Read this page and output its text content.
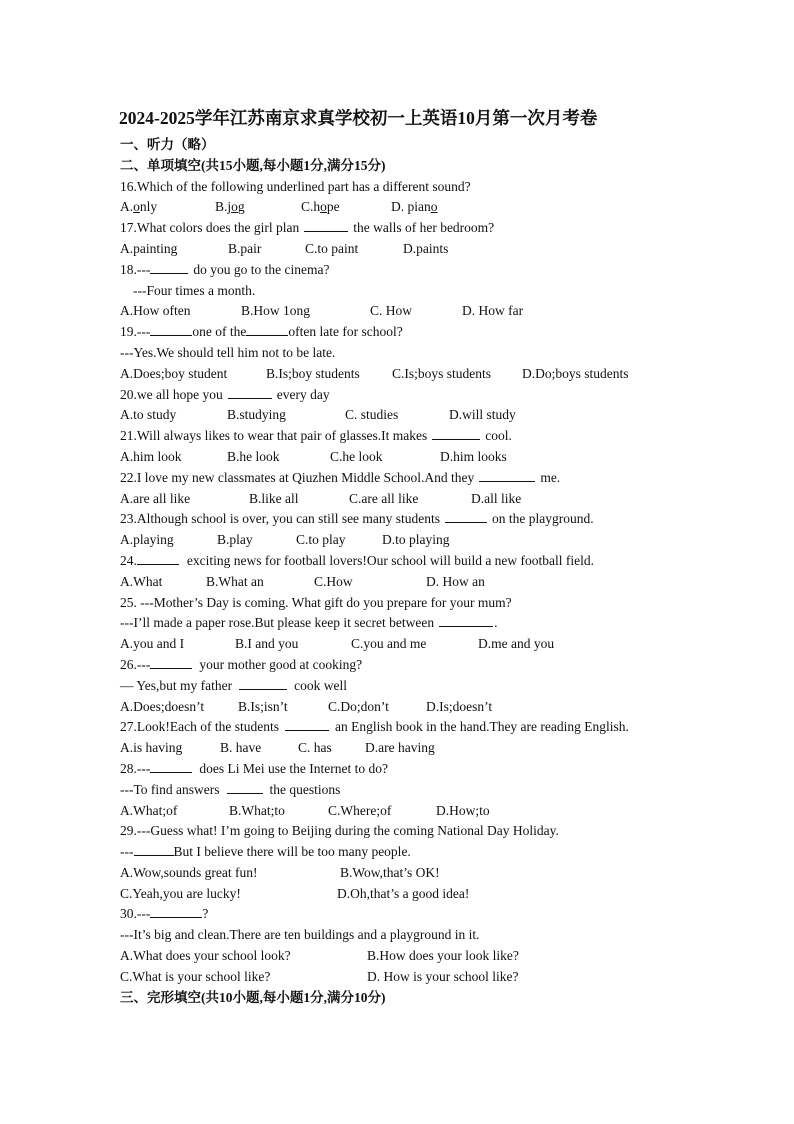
2024-2025学年江苏南京求真学校初一上英语10月第一次月考卷
一、听力（略）
二、单项填空(共15小题,每小题1分,满分15分)
16.Which of the following underlined part has a different sound?
A.only	B.jog	C.hope	D. piano
17.What colors does the girl plan	the walls of her bedroom?
A.painting	B.pair	C.to paint	D.paints
18.---	do you go to the cinema?
---Four times a month.
A.How often	B.How 1ong	C. How	D. How far
19.---	one of the	often late for school?
---Yes.We should tell him not to be late.
A.Does;boy student	B.Is;boy students C.Is;boys students D.Do;boys students
20.we all hope you	every day
A.to study	B.studying	C. studies	D.will study
21.Will always likes to wear that pair of glasses.It makes	cool.
A.him look	B.he look	C.he look	D.him looks
22.I love my new classmates at Qiuzhen Middle School.And they	me.
A.are all like	B.like all	C.are all like	D.all like
23.Although school is over, you can still see many students	on the playground.
A.playing	B.play	C.to play	D.to playing
24.	exciting news for football lovers!Our school will build a new football field.
A.What	B.What an	C.How	D. How an
25. ---Mother’s Day is coming. What gift do you prepare for your mum?
---I’ll made a paper rose.But please keep it secret between	.
A.you and I	B.I and you	C.you and me	D.me and you
26.---	your mother good at cooking?
— Yes,but my father	cook well
A.Does;doesn’t	B.Is;isn’t	C.Do;don’t	D.Is;doesn’t
27.Look!Each of the students	an English book in the hand.They are reading English.
A.is having	B. have	C. has D.are having
28.---	does Li Mei use the Internet to do?
---To find answers	the questions
A.What;of	B.What;to	C.Where;of	D.How;to
29.---Guess what! I’m going to Beijing during the coming National Day Holiday.
---	But I believe there will be too many people.
A.Wow,sounds great fun!	B.Wow,that’s OK!
C.Yeah,you are lucky!	D.Oh,that’s a good idea!
30.---	?
---It’s big and clean.There are ten buildings and a playground in it.
A.What does your school look?	B.How does your look like?
C.What is your school like?	D. How is your school like?
三、完形填空(共10小题,每小题1分,满分10分)
